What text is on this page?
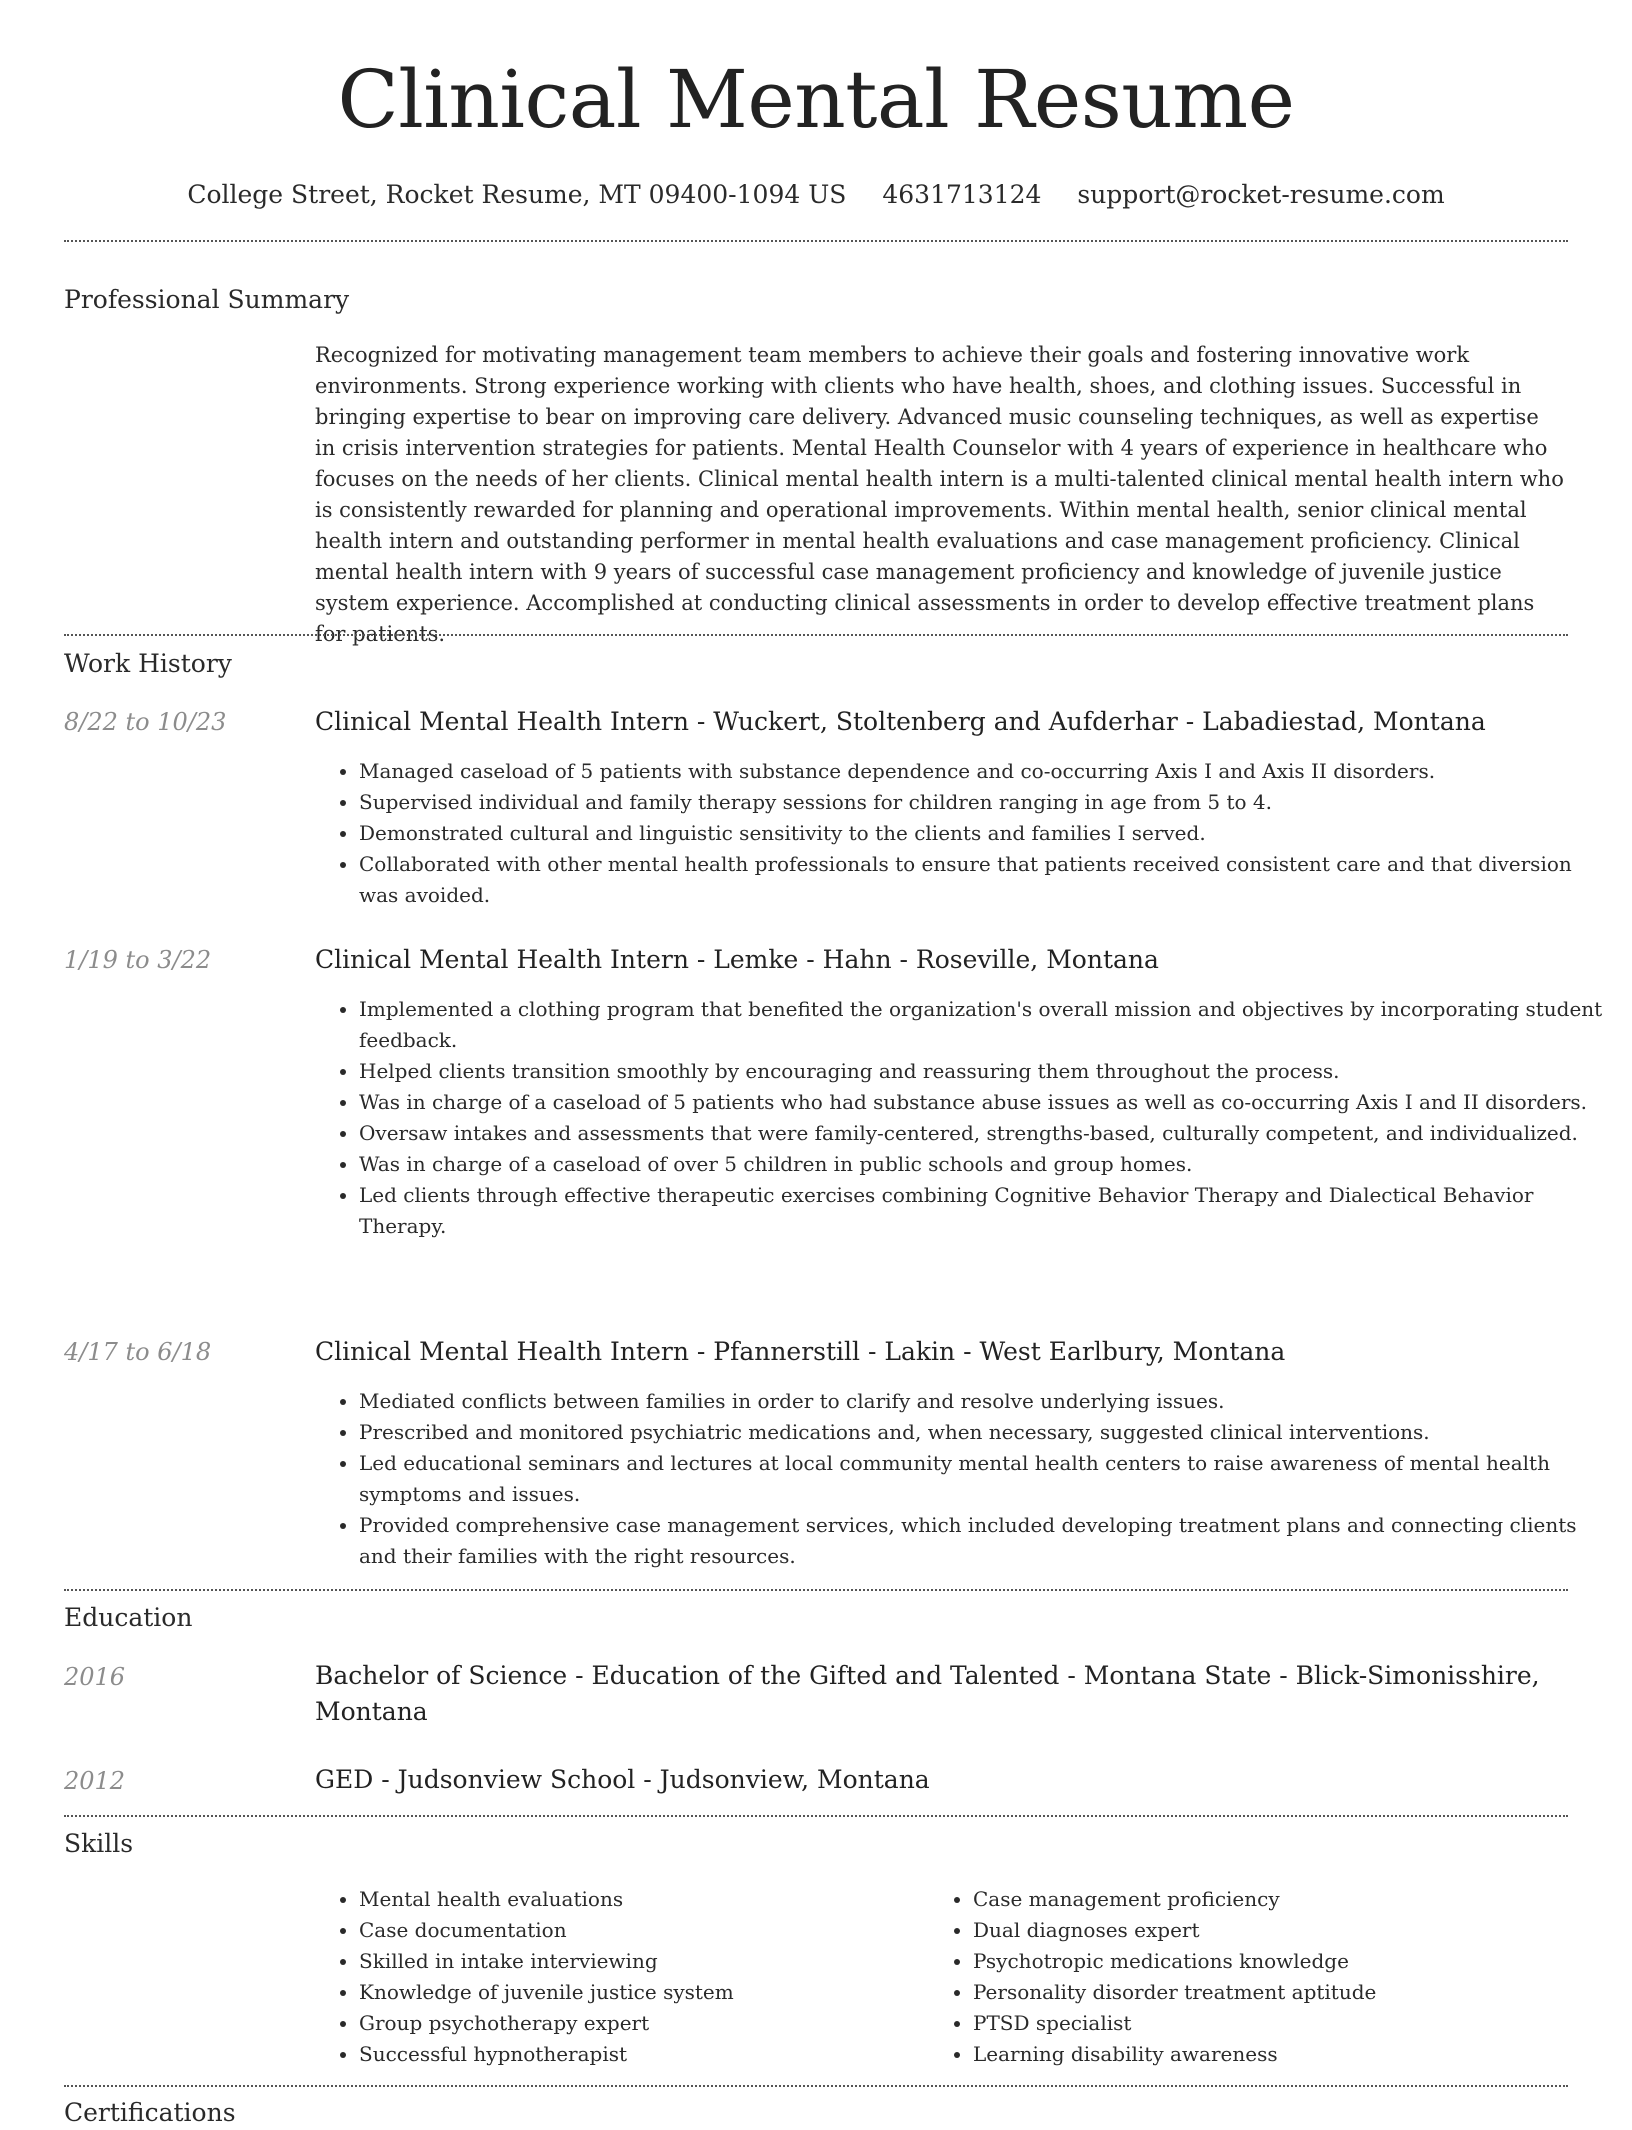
Clinical Mental Resume
College Street, Rocket Resume, MT 09400-1094 US 4631713124 support@rocket-resume.com
Professional Summary
Recognized for motivating management team members to achieve their goals and fostering innovative work environments. Strong experience working with clients who have health, shoes, and clothing issues. Successful in bringing expertise to bear on improving care delivery. Advanced music counseling techniques, as well as expertise in crisis intervention strategies for patients. Mental Health Counselor with 4 years of experience in healthcare who focuses on the needs of her clients. Clinical mental health intern is a multi-talented clinical mental health intern who is consistently rewarded for planning and operational improvements. Within mental health, senior clinical mental health intern and outstanding performer in mental health evaluations and case management proficiency. Clinical mental health intern with 9 years of successful case management proficiency and knowledge of juvenile justice system experience. Accomplished at conducting clinical assessments in order to develop effective treatment plans for patients.
Work History
8/22 to 10/23	Clinical Mental Health Intern - Wuckert, Stoltenberg and Aufderhar - Labadiestad, Montana
• Managed caseload of 5 patients with substance dependence and co-occurring Axis I and Axis II disorders.
• Supervised individual and family therapy sessions for children ranging in age from 5 to 4.
• Demonstrated cultural and linguistic sensitivity to the clients and families I served.
• Collaborated with other mental health professionals to ensure that patients received consistent care and that diversion was avoided.
1/19 to 3/22	Clinical Mental Health Intern - Lemke - Hahn - Roseville, Montana
• Implemented a clothing program that benefited the organization's overall mission and objectives by incorporating student feedback.
• Helped clients transition smoothly by encouraging and reassuring them throughout the process.
• Was in charge of a caseload of 5 patients who had substance abuse issues as well as co-occurring Axis I and II disorders.
• Oversaw intakes and assessments that were family-centered, strengths-based, culturally competent, and individualized.
• Was in charge of a caseload of over 5 children in public schools and group homes.
• Led clients through effective therapeutic exercises combining Cognitive Behavior Therapy and Dialectical Behavior Therapy.
4/17 to 6/18	Clinical Mental Health Intern - Pfannerstill - Lakin - West Earlbury, Montana
• Mediated conflicts between families in order to clarify and resolve underlying issues.
• Prescribed and monitored psychiatric medications and, when necessary, suggested clinical interventions.
• Led educational seminars and lectures at local community mental health centers to raise awareness of mental health symptoms and issues.
• Provided comprehensive case management services, which included developing treatment plans and connecting clients and their families with the right resources.
Education
2016	Bachelor of Science - Education of the Gifted and Talented - Montana State - Blick-Simonisshire, Montana
2012	GED - Judsonview School - Judsonview, Montana
Skills
• Mental health evaluations
• Case documentation
• Skilled in intake interviewing
• Knowledge of juvenile justice system
• Group psychotherapy expert
• Successful hypnotherapist
• Case management proficiency
• Dual diagnoses expert
• Psychotropic medications knowledge
• Personality disorder treatment aptitude
• PTSD specialist
• Learning disability awareness
Certifications
